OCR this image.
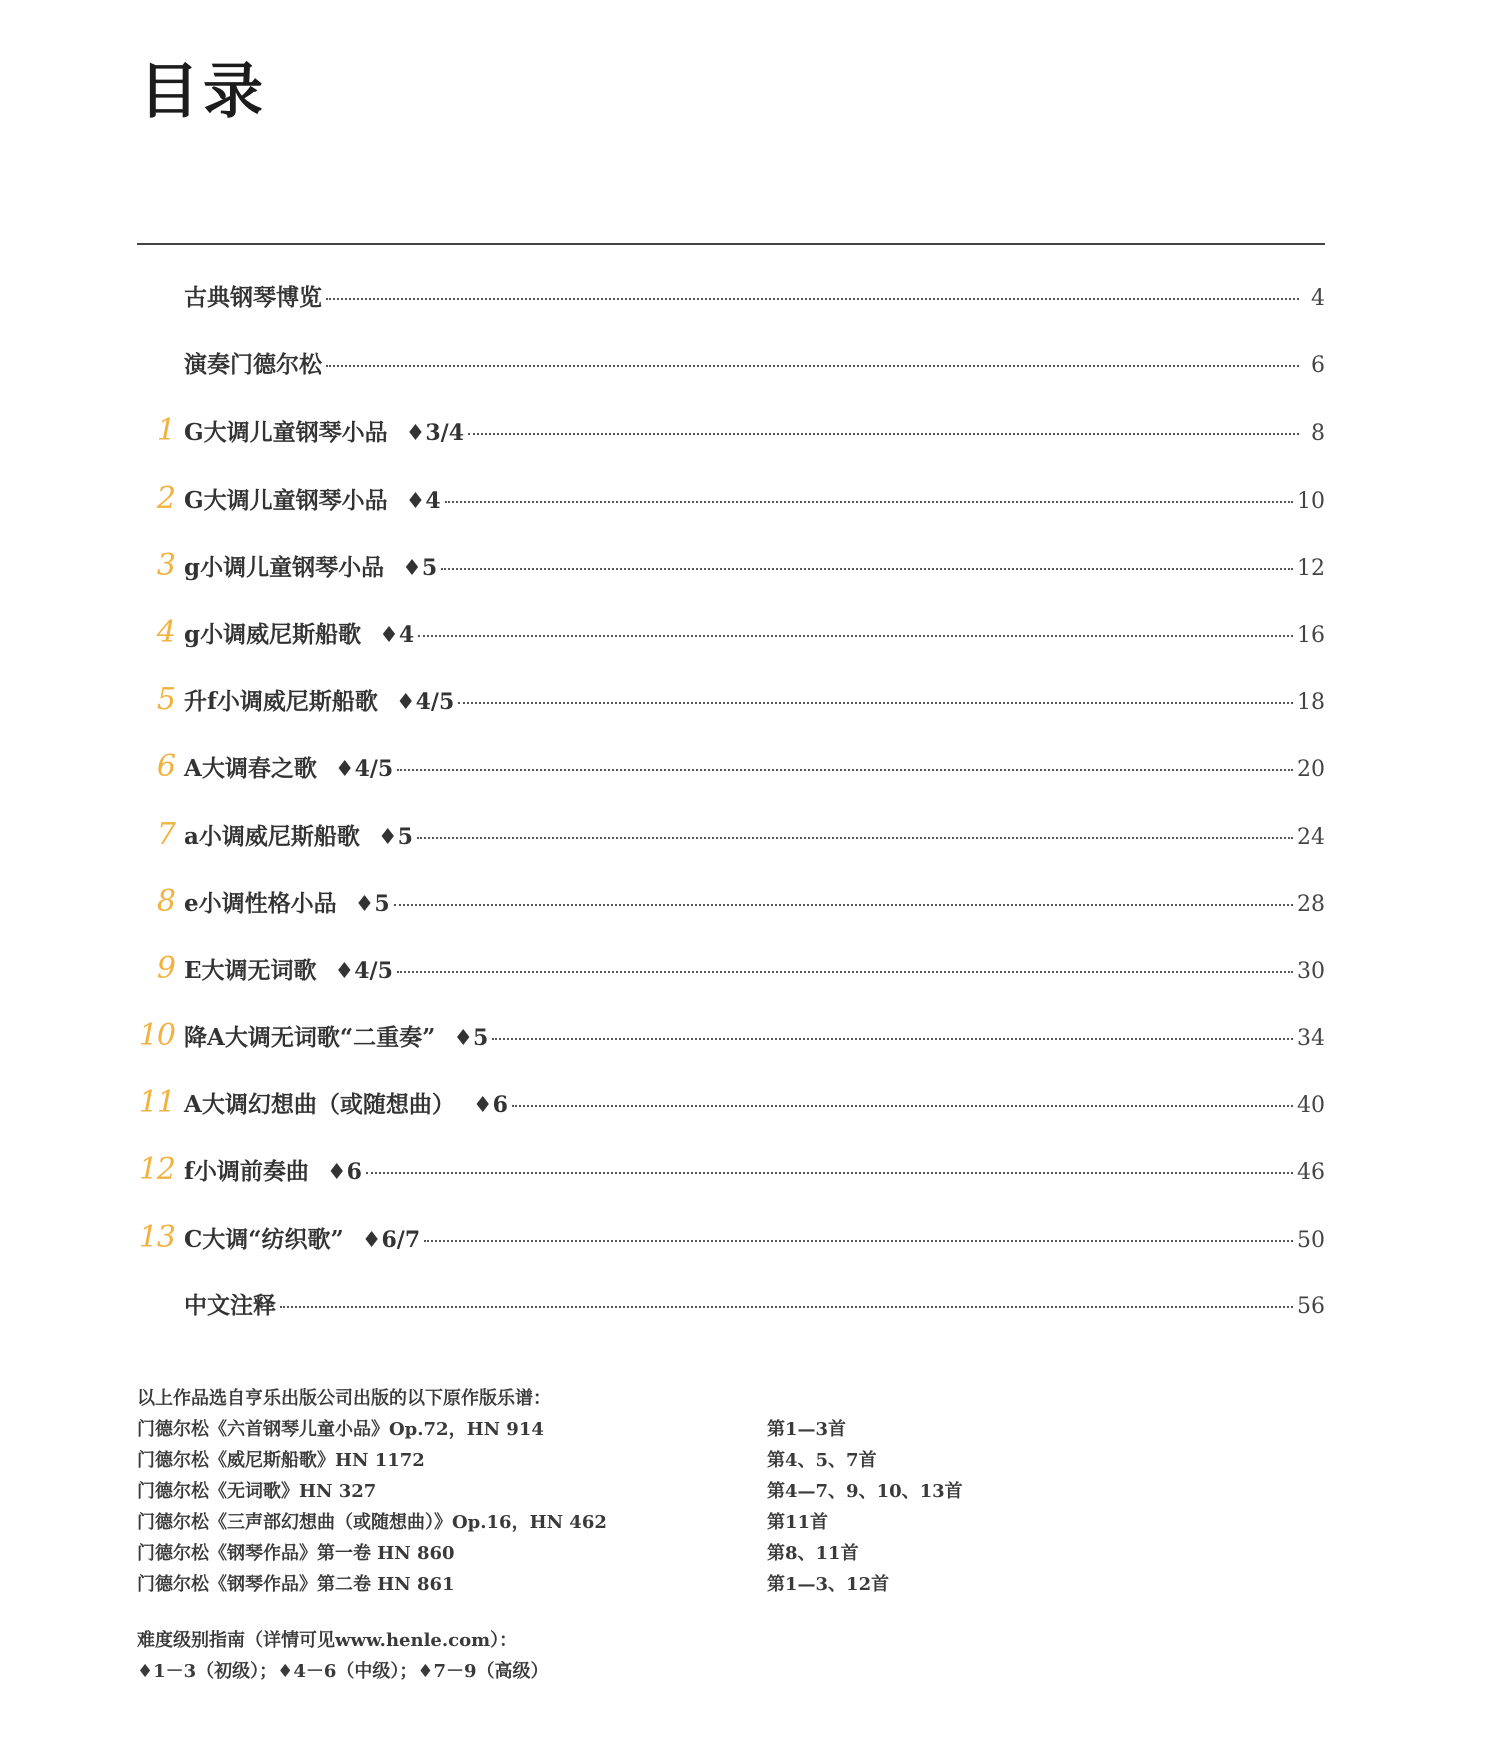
目录
古典钢琴博览	4
演奏门德尔松	6
1 G大调儿童钢琴小品 ♦3/4	8
2 G大调儿童钢琴小品 ♦4	10
3 g小调儿童钢琴小品 ♦5	12
4 g小调威尼斯船歌 ♦4	16
5 升f小调威尼斯船歌 ♦4/5	18
6 A大调春之歌 ♦4/5	20
7 a小调威尼斯船歌 ♦5	24
8 e小调性格小品 ♦5	28
9 E大调无词歌 ♦4/5	30
10 降A大调无词歌“二重奏” ♦5	34
11 A大调幻想曲（或随想曲） ♦6	40
12 f小调前奏曲 ♦6	46
13 C大调“纺织歌” ♦6/7	50
中文注释	56
以上作品选自亨乐出版公司出版的以下原作版乐谱：
门德尔松《六首钢琴儿童小品》Op.72，HN 914	第1—3首
门德尔松《威尼斯船歌》HN 1172	第4、5、7首
门德尔松《无词歌》HN 327	第4—7、9、10、13首
门德尔松《三声部幻想曲（或随想曲）》Op.16，HN 462	第11首
门德尔松《钢琴作品》第一卷 HN 860	第8、11首
门德尔松《钢琴作品》第二卷 HN 861	第1—3、12首
难度级别指南（详情可见www.henle.com）：
♦1－3（初级）；♦4－6（中级）；♦7－9（高级）
